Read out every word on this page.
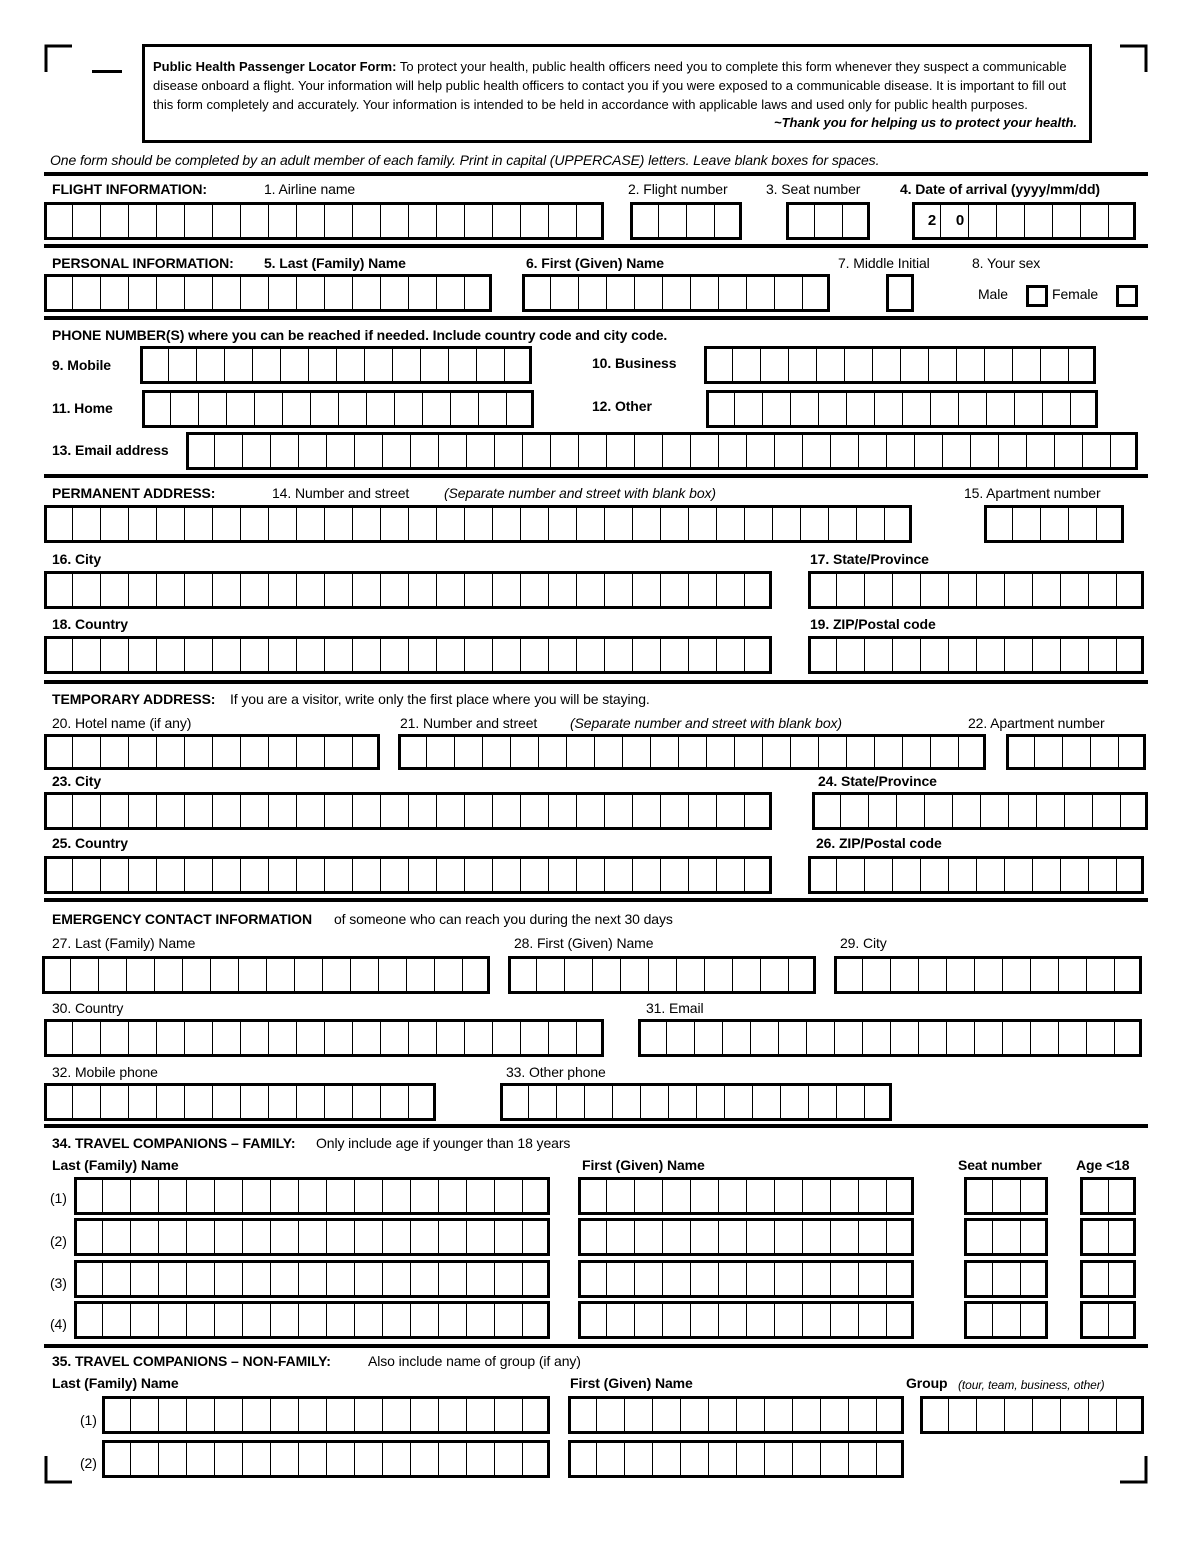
Public Health Passenger Locator Form: To protect your health, public health officers need you to complete this form whenever they suspect a communicable disease onboard a flight. Your information will help public health officers to contact you if you were exposed to a communicable disease. It is important to fill out this form completely and accurately. Your information is intended to be held in accordance with applicable laws and used only for public health purposes.
~Thank you for helping us to protect your health.
One form should be completed by an adult member of each family. Print in capital (UPPERCASE) letters. Leave blank boxes for spaces.
FLIGHT INFORMATION:	1. Airline name	2. Flight number	3. Seat number	4. Date of arrival (yyyy/mm/dd)
2	0
PERSONAL INFORMATION: 5. Last (Family) Name	6. First (Given) Name	7. Middle Initial	8. Your sex
Male	Female
PHONE NUMBER(S) where you can be reached if needed. Include country code and city code.
9. Mobile	10. Business
11. Home	12. Other
13. Email address
PERMANENT ADDRESS:	14. Number and street (Separate number and street with blank box)	15. Apartment number
16. City	17. State/Province
18. Country	19. ZIP/Postal code
TEMPORARY ADDRESS: If you are a visitor, write only the first place where you will be staying.
20. Hotel name (if any)	21. Number and street (Separate number and street with blank box)	22. Apartment number
23. City	24. State/Province
25. Country	26. ZIP/Postal code
EMERGENCY CONTACT INFORMATION of someone who can reach you during the next 30 days
27. Last (Family) Name	28. First (Given) Name	29. City
30. Country	31. Email
32. Mobile phone	33. Other phone
34. TRAVEL COMPANIONS – FAMILY: Only include age if younger than 18 years
Last (Family) Name	First (Given) Name	Seat number Age <18
(1)
(2)
(3)
(4)
35. TRAVEL COMPANIONS – NON-FAMILY:	Also include name of group (if any)
Last (Family) Name	First (Given) Name	Group (tour, team, business, other)
(1)
(2)
